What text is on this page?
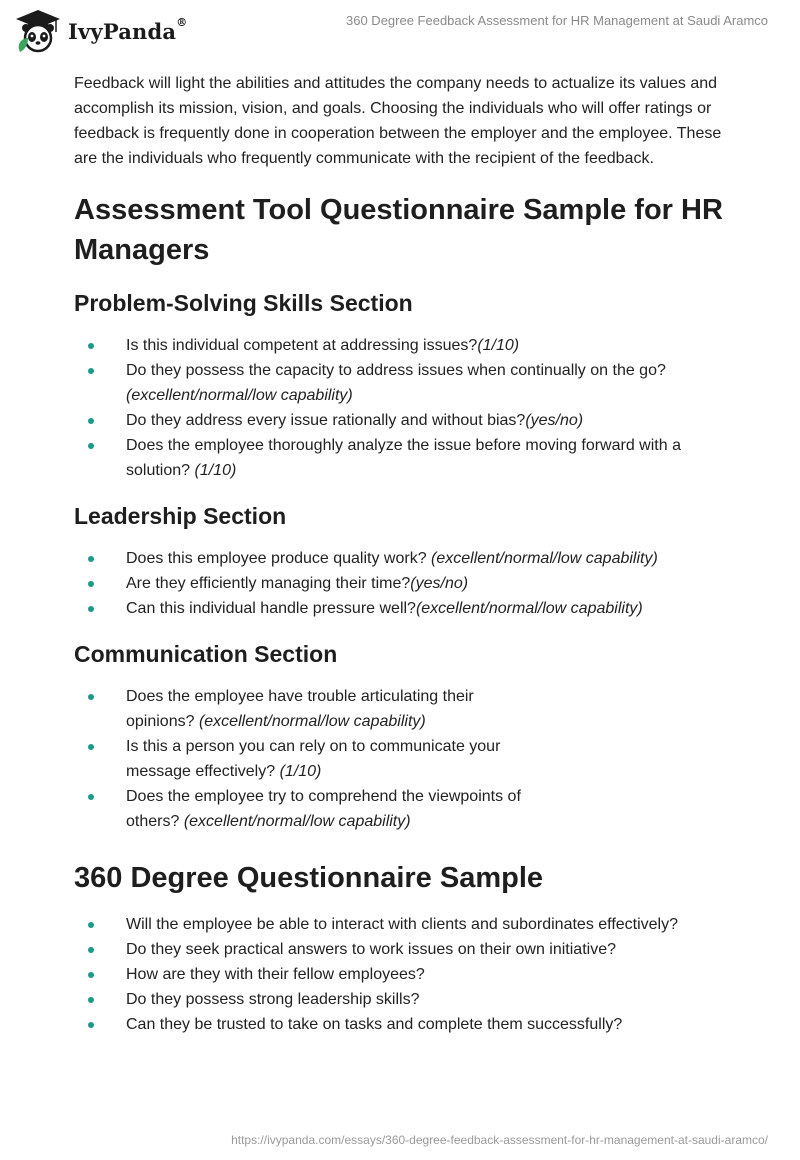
IvyPanda®	360 Degree Feedback Assessment for HR Management at Saudi Aramco

Feedback will light the abilities and attitudes the company needs to actualize its values and accomplish its mission, vision, and goals. Choosing the individuals who will offer ratings or feedback is frequently done in cooperation between the employer and the employee. These are the individuals who frequently communicate with the recipient of the feedback.

Assessment Tool Questionnaire Sample for HR Managers
Problem-Solving Skills Section
Is this individual competent at addressing issues?(1/10)
Do they possess the capacity to address issues when continually on the go? (excellent/normal/low capability)
Do they address every issue rationally and without bias?(yes/no)
Does the employee thoroughly analyze the issue before moving forward with a solution? (1/10)
Leadership Section
Does this employee produce quality work? (excellent/normal/low capability)
Are they efficiently managing their time?(yes/no)
Can this individual handle pressure well?(excellent/normal/low capability)
Communication Section
Does the employee have trouble articulating their opinions? (excellent/normal/low capability)
Is this a person you can rely on to communicate your message effectively? (1/10)
Does the employee try to comprehend the viewpoints of others? (excellent/normal/low capability)
360 Degree Questionnaire Sample
Will the employee be able to interact with clients and subordinates effectively?
Do they seek practical answers to work issues on their own initiative?
How are they with their fellow employees?
Do they possess strong leadership skills?
Can they be trusted to take on tasks and complete them successfully?
https://ivypanda.com/essays/360-degree-feedback-assessment-for-hr-management-at-saudi-aramco/
